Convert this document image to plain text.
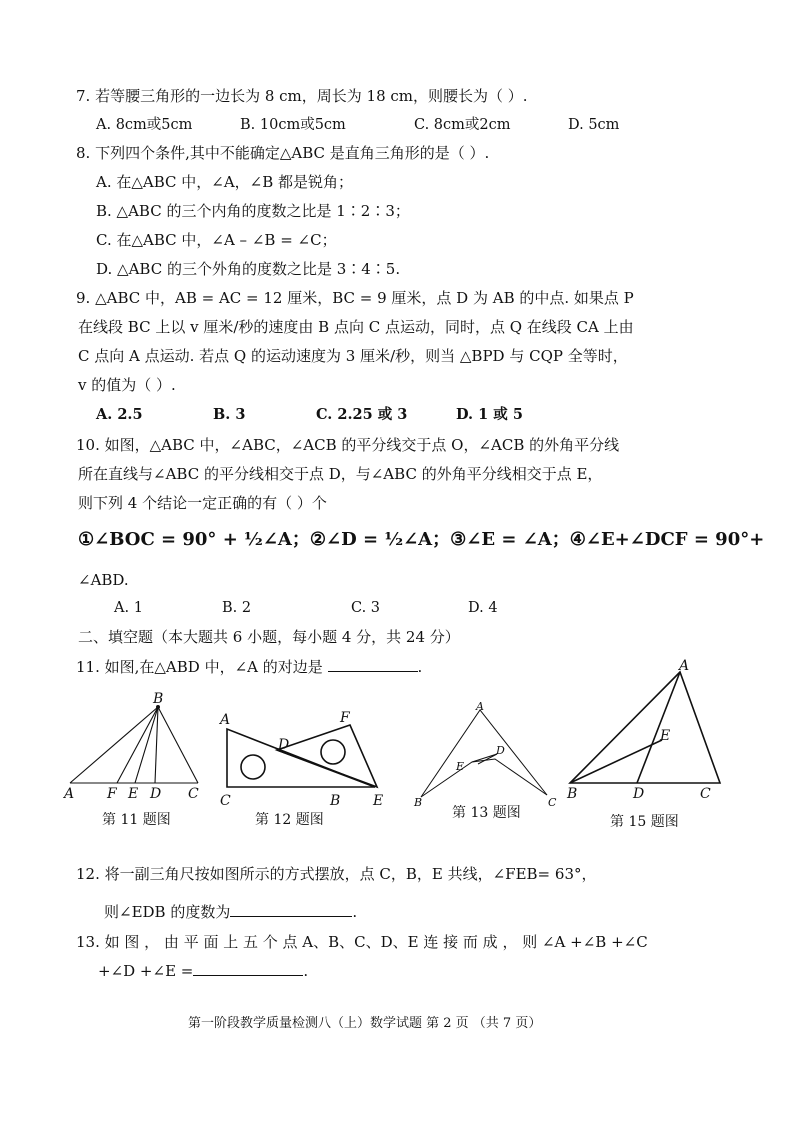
7. 若等腰三角形的一边长为 8 cm，周长为 18 cm，则腰长为（ ）.
A. 8cm或5cm	B. 10cm或5cm	C. 8cm或2cm	D. 5cm
8. 下列四个条件,其中不能确定△ABC 是直角三角形的是（ ）.
A. 在△ABC 中，∠A，∠B 都是锐角；
B. △ABC 的三个内角的度数之比是 1∶2∶3；
C. 在△ABC 中，∠A – ∠B = ∠C；
D. △ABC 的三个外角的度数之比是 3∶4∶5.
9. △ABC 中，AB = AC = 12 厘米，BC = 9 厘米，点 D 为 AB 的中点. 如果点 P
在线段 BC 上以 v 厘米/秒的速度由 B 点向 C 点运动，同时，点 Q 在线段 CA 上由
C 点向 A 点运动. 若点 Q 的运动速度为 3 厘米/秒，则当 △BPD 与 CQP 全等时，
v 的值为（ ）.
A. 2.5	B. 3	C. 2.25 或 3	D. 1 或 5
10. 如图，△ABC 中，∠ABC，∠ACB 的平分线交于点 O，∠ACB 的外角平分线
所在直线与∠ABC 的平分线相交于点 D，与∠ABC 的外角平分线相交于点 E，
则下列 4 个结论一定正确的有（ ）个
①∠BOC = 90° + ½∠A；②∠D = ½∠A；③∠E = ∠A；④∠E+∠DCF = 90°+
∠ABD.
A. 1	B. 2	C. 3	D. 4
二、填空题（本大题共 6 小题，每小题 4 分，共 24 分）
11. 如图,在△ABD 中，∠A 的对边是	.
B
A F E D C
第 11 题图
A	F
D
C	B E
第 12 题图
A
D
E
B	C
第 13 题图
A
E
B	D	C
第 15 题图
12. 将一副三角尺按如图所示的方式摆放，点 C，B，E 共线，∠FEB= 63°，
则∠EDB 的度数为	.
13. 如 图 ， 由 平 面 上 五 个 点 A、B、C、D、E 连 接 而 成 ， 则 ∠A +∠B +∠C
+∠D +∠E =	.
第一阶段教学质量检测八（上）数学试题 第 2 页 （共 7 页）
